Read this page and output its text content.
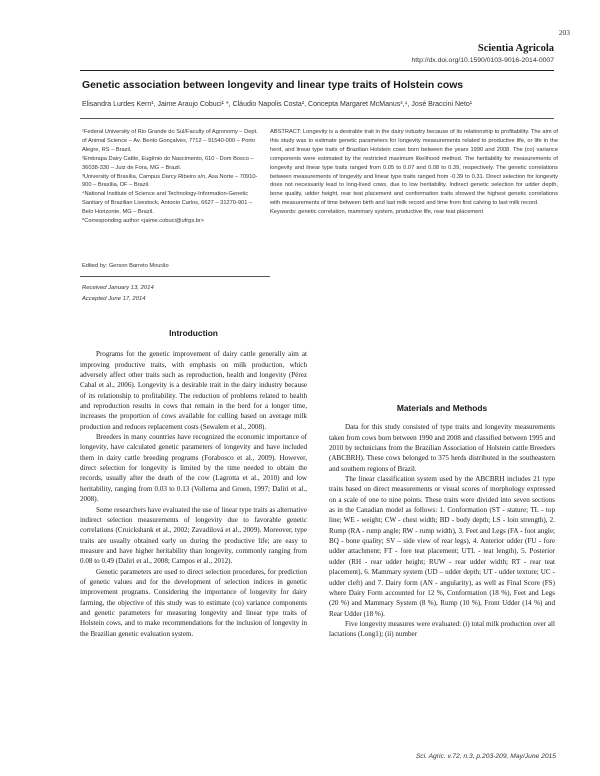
203
Scientia Agricola
http://dx.doi.org/10.1590/0103-9016-2014-0007
Genetic association between longevity and linear type traits of Holstein cows
Elisandra Lurdes Kern¹, Jaime Araujo Cobuci¹ *, Cláudio Napolis Costa², Concepta Margaret McManus³,⁴, José Braccini Neto¹

¹Federal University of Rio Grande do Sul/Faculty of Agronomy – Dept. of Animal Science – Av. Bento Gonçalves, 7712 – 91540-000 – Porto Alegre, RS – Brazil.

²Embrapa Dairy Cattle, Eugênio do Nascimento, 610 - Dom Bosco – 36038-330 – Juiz de Fora, MG – Brazil.

³University of Brasília, Campus Darcy Ribeiro s/n, Asa Norte – 70910-900 – Brasília, DF – Brazil.

⁴National Institute of Science and Technology-Information-Genetic Sanitary of Brazilian Livestock, Antonio Carlos, 6627 – 31270-901 – Belo Horizonte, MG – Brazil.

*Corresponding author <jaime.cobuci@ufrgs.br>

ABSTRACT: Longevity is a desirable trait in the dairy industry because of its relationship to profitability. The aim of this study was to estimate genetic parameters for longevity measurements related to productive life, or life in the herd, and linear type traits of Brazilian Holstein cows born between the years 1990 and 2008. The (co) variance components were estimated by the restricted maximum likelihood method. The heritability for measurements of longevity and linear type traits ranged from 0.05 to 0.07 and 0.08 to 0.39, respectively. The genetic correlations between measurements of longevity and linear type traits ranged from -0.39 to 0.31. Direct selection for longevity does not necessarily lead to long-lived cows, due to low heritability. Indirect genetic selection for udder depth, bone quality, udder height, rear teat placement and conformation traits showed the highest genetic correlations with measurements of time between birth and last milk record and time from first calving to last milk record.

Keywords: genetic correlation, mammary system, productive life, rear teat placement

Edited by: Gerson Barreto Mourão

Received January 13, 2014

Accepted June 17, 2014

Introduction

Programs for the genetic improvement of dairy cattle generally aim at improving productive traits, with emphasis on milk production, which adversely affect other traits such as reproduction, health and longevity (Pérez Cabal et al., 2006). Longevity is a desirable trait in the dairy industry because of its relationship to profitability. The reduction of problems related to health and reproduction results in cows that remain in the herd for a longer time, increases the proportion of cows available for culling based on average milk production and reduces replacement costs (Sewalem et al., 2008).

Breeders in many countries have recognized the economic importance of longevity, have calculated genetic parameters of longevity and have included them in dairy cattle breeding programs (Forabosco et al., 2009). However, direct selection for longevity is limited by the time needed to obtain the records, usually after the death of the cow (Lagrotta et al., 2010) and low heritability, ranging from 0.03 to 0.13 (Vollema and Groen, 1997; Daliri et al., 2008).

Some researchers have evaluated the use of linear type traits as alternative indirect selection measurements of longevity due to favorable genetic correlations (Cruickshank et al., 2002; Zavadilová et al., 2009). Moreover, type traits are usually obtained early on during the productive life; are easy to measure and have higher heritability than longevity, commonly ranging from 0.08 to 0.49 (Daliri et al., 2008; Campos et al., 2012).

Genetic parameters are used to direct selection procedures, for prediction of genetic values and for the development of selection indices in genetic improvement programs. Considering the importance of longevity for dairy farming, the objective of this study was to estimate (co) variance components and genetic parameters for measuring longevity and linear type traits of Holstein cows, and to make recommendations for the inclusion of longevity in the Brazilian genetic evaluation system.

Materials and Methods

Data for this study consisted of type traits and longevity measurements taken from cows born between 1990 and 2008 and classified between 1995 and 2010 by technicians from the Brazilian Association of Holstein cattle Breeders (ABCBRH). These cows belonged to 375 herds distributed in the southeastern and southern regions of Brazil.

The linear classification system used by the ABCBRH includes 21 type traits based on direct measurements or visual scores of morphology expressed on a scale of one to nine points. These traits were divided into seven sections as in the Canadian model as follows: 1. Conformation (ST - stature; TL - top line; WE - weight; CW - chest width; BD - body depth; LS - loin strength), 2. Rump (RA - rump angle; RW - rump width), 3. Feet and Legs (FA - foot angle; BQ - bone quality; SV – side view of rear legs), 4. Anterior udder (FU - fore udder attachment; FT - fore teat placement; UTL - teat length), 5. Posterior udder (RH - rear udder height; RUW - rear udder width; RT - rear teat placement), 6. Mammary system (UD – udder depth; UT - udder texture; UC - udder cleft) and 7. Dairy form (AN - angularity), as well as Final Score (FS) where Dairy Form accounted for 12 %, Conformation (18 %), Feet and Legs (20 %) and Mammary System (8 %), Rump (10 %), Front Udder (14 %) and Rear Udder (18 %).

Five longevity measures were evaluated: (i) total milk production over all lactations (Long1); (ii) number

Sci. Agric. v.72, n.3, p.203-209, May/June 2015
